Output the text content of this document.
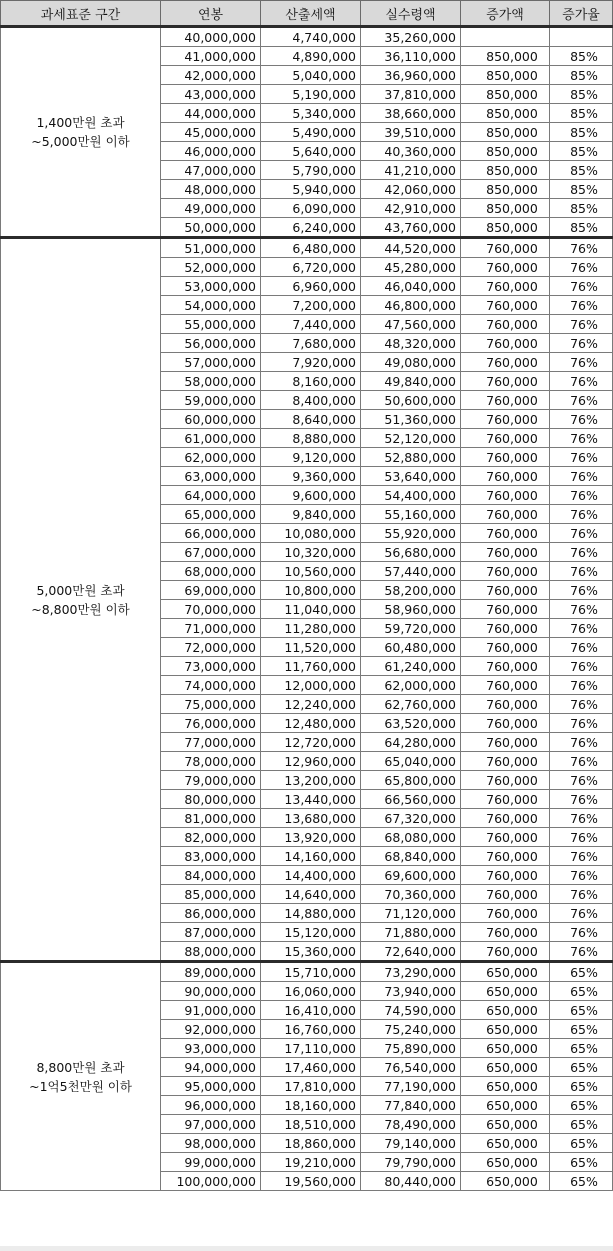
과세표준 구간	연봉	산출세액	실수령액	증가액	증가율

1,400만원 초과
~5,000만원 이하	40,000,000	4,740,000	35,260,000		
	41,000,000	4,890,000	36,110,000	850,000	85%
	42,000,000	5,040,000	36,960,000	850,000	85%
	43,000,000	5,190,000	37,810,000	850,000	85%
	44,000,000	5,340,000	38,660,000	850,000	85%
	45,000,000	5,490,000	39,510,000	850,000	85%
	46,000,000	5,640,000	40,360,000	850,000	85%
	47,000,000	5,790,000	41,210,000	850,000	85%
	48,000,000	5,940,000	42,060,000	850,000	85%
	49,000,000	6,090,000	42,910,000	850,000	85%
	50,000,000	6,240,000	43,760,000	850,000	85%

5,000만원 초과
~8,800만원 이하	51,000,000	6,480,000	44,520,000	760,000	76%
	52,000,000	6,720,000	45,280,000	760,000	76%
	53,000,000	6,960,000	46,040,000	760,000	76%
	54,000,000	7,200,000	46,800,000	760,000	76%
	55,000,000	7,440,000	47,560,000	760,000	76%
	56,000,000	7,680,000	48,320,000	760,000	76%
	57,000,000	7,920,000	49,080,000	760,000	76%
	58,000,000	8,160,000	49,840,000	760,000	76%
	59,000,000	8,400,000	50,600,000	760,000	76%
	60,000,000	8,640,000	51,360,000	760,000	76%
	61,000,000	8,880,000	52,120,000	760,000	76%
	62,000,000	9,120,000	52,880,000	760,000	76%
	63,000,000	9,360,000	53,640,000	760,000	76%
	64,000,000	9,600,000	54,400,000	760,000	76%
	65,000,000	9,840,000	55,160,000	760,000	76%
	66,000,000	10,080,000	55,920,000	760,000	76%
	67,000,000	10,320,000	56,680,000	760,000	76%
	68,000,000	10,560,000	57,440,000	760,000	76%
	69,000,000	10,800,000	58,200,000	760,000	76%
	70,000,000	11,040,000	58,960,000	760,000	76%
	71,000,000	11,280,000	59,720,000	760,000	76%
	72,000,000	11,520,000	60,480,000	760,000	76%
	73,000,000	11,760,000	61,240,000	760,000	76%
	74,000,000	12,000,000	62,000,000	760,000	76%
	75,000,000	12,240,000	62,760,000	760,000	76%
	76,000,000	12,480,000	63,520,000	760,000	76%
	77,000,000	12,720,000	64,280,000	760,000	76%
	78,000,000	12,960,000	65,040,000	760,000	76%
	79,000,000	13,200,000	65,800,000	760,000	76%
	80,000,000	13,440,000	66,560,000	760,000	76%
	81,000,000	13,680,000	67,320,000	760,000	76%
	82,000,000	13,920,000	68,080,000	760,000	76%
	83,000,000	14,160,000	68,840,000	760,000	76%
	84,000,000	14,400,000	69,600,000	760,000	76%
	85,000,000	14,640,000	70,360,000	760,000	76%
	86,000,000	14,880,000	71,120,000	760,000	76%
	87,000,000	15,120,000	71,880,000	760,000	76%
	88,000,000	15,360,000	72,640,000	760,000	76%

8,800만원 초과
~1억5천만원 이하	89,000,000	15,710,000	73,290,000	650,000	65%
	90,000,000	16,060,000	73,940,000	650,000	65%
	91,000,000	16,410,000	74,590,000	650,000	65%
	92,000,000	16,760,000	75,240,000	650,000	65%
	93,000,000	17,110,000	75,890,000	650,000	65%
	94,000,000	17,460,000	76,540,000	650,000	65%
	95,000,000	17,810,000	77,190,000	650,000	65%
	96,000,000	18,160,000	77,840,000	650,000	65%
	97,000,000	18,510,000	78,490,000	650,000	65%
	98,000,000	18,860,000	79,140,000	650,000	65%
	99,000,000	19,210,000	79,790,000	650,000	65%
	100,000,000	19,560,000	80,440,000	650,000	65%
